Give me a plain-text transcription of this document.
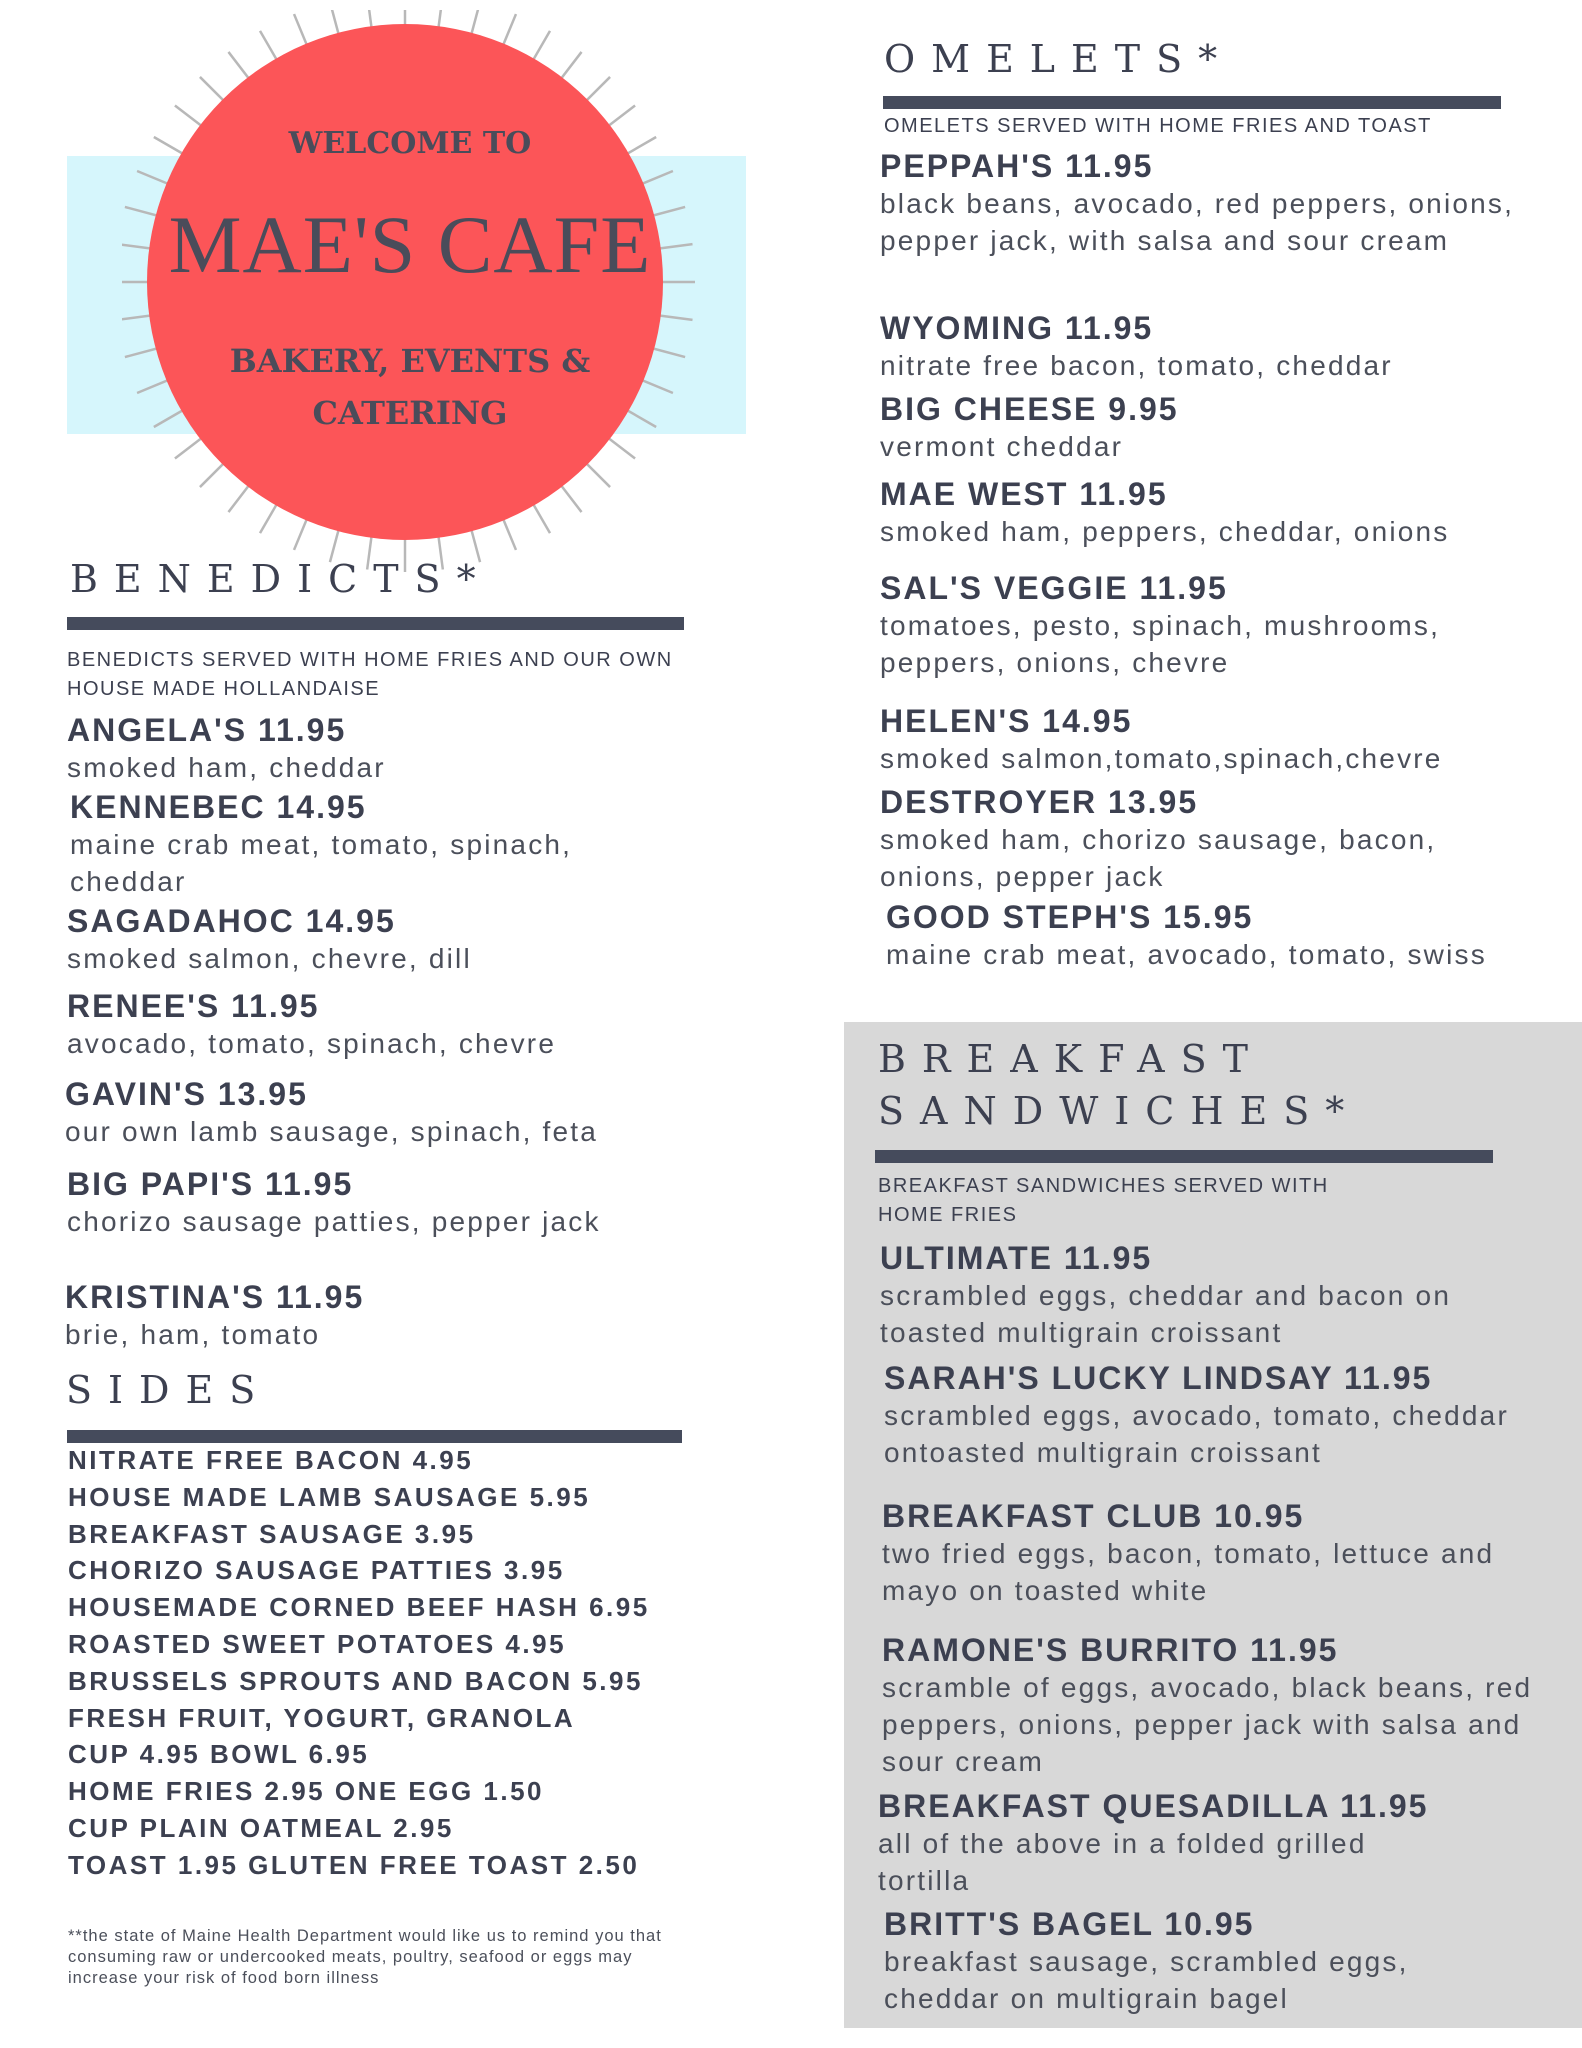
WELCOME TO
MAE'S CAFE
BAKERY, EVENTS &
CATERING
BENEDICTS*
BENEDICTS SERVED WITH HOME FRIES AND OUR OWN HOUSE MADE HOLLANDAISE
ANGELA'S 11.95
smoked ham, cheddar
KENNEBEC 14.95
maine crab meat, tomato, spinach, cheddar
SAGADAHOC 14.95
smoked salmon, chevre, dill
RENEE'S 11.95
avocado, tomato, spinach, chevre
GAVIN'S 13.95
our own lamb sausage, spinach, feta
BIG PAPI'S 11.95
chorizo sausage patties, pepper jack
KRISTINA'S 11.95
brie, ham, tomato
SIDES
NITRATE FREE BACON 4.95
HOUSE MADE LAMB SAUSAGE 5.95
BREAKFAST SAUSAGE 3.95
CHORIZO SAUSAGE PATTIES 3.95
HOUSEMADE CORNED BEEF HASH 6.95
ROASTED SWEET POTATOES 4.95
BRUSSELS SPROUTS AND BACON 5.95
FRESH FRUIT, YOGURT, GRANOLA
CUP 4.95 BOWL 6.95
HOME FRIES 2.95 ONE EGG 1.50
CUP PLAIN OATMEAL 2.95
TOAST 1.95 GLUTEN FREE TOAST 2.50
**the state of Maine Health Department would like us to remind you that consuming raw or undercooked meats, poultry, seafood or eggs may increase your risk of food born illness
OMELETS*
OMELETS SERVED WITH HOME FRIES AND TOAST
PEPPAH'S 11.95
black beans, avocado, red peppers, onions, pepper jack, with salsa and sour cream
WYOMING 11.95
nitrate free bacon, tomato, cheddar
BIG CHEESE 9.95
vermont cheddar
MAE WEST 11.95
smoked ham, peppers, cheddar, onions
SAL'S VEGGIE 11.95
tomatoes, pesto, spinach, mushrooms, peppers, onions, chevre
HELEN'S 14.95
smoked salmon,tomato,spinach,chevre
DESTROYER 13.95
smoked ham, chorizo sausage, bacon, onions, pepper jack
GOOD STEPH'S 15.95
maine crab meat, avocado, tomato, swiss
BREAKFAST
SANDWICHES*
BREAKFAST SANDWICHES SERVED WITH HOME FRIES
ULTIMATE 11.95
scrambled eggs, cheddar and bacon on toasted multigrain croissant
SARAH'S LUCKY LINDSAY 11.95
scrambled eggs, avocado, tomato, cheddar ontoasted multigrain croissant
BREAKFAST CLUB 10.95
two fried eggs, bacon, tomato, lettuce and mayo on toasted white
RAMONE'S BURRITO 11.95
scramble of eggs, avocado, black beans, red peppers, onions, pepper jack with salsa and sour cream
BREAKFAST QUESADILLA 11.95
all of the above in a folded grilled tortilla
BRITT'S BAGEL 10.95
breakfast sausage, scrambled eggs, cheddar on multigrain bagel
